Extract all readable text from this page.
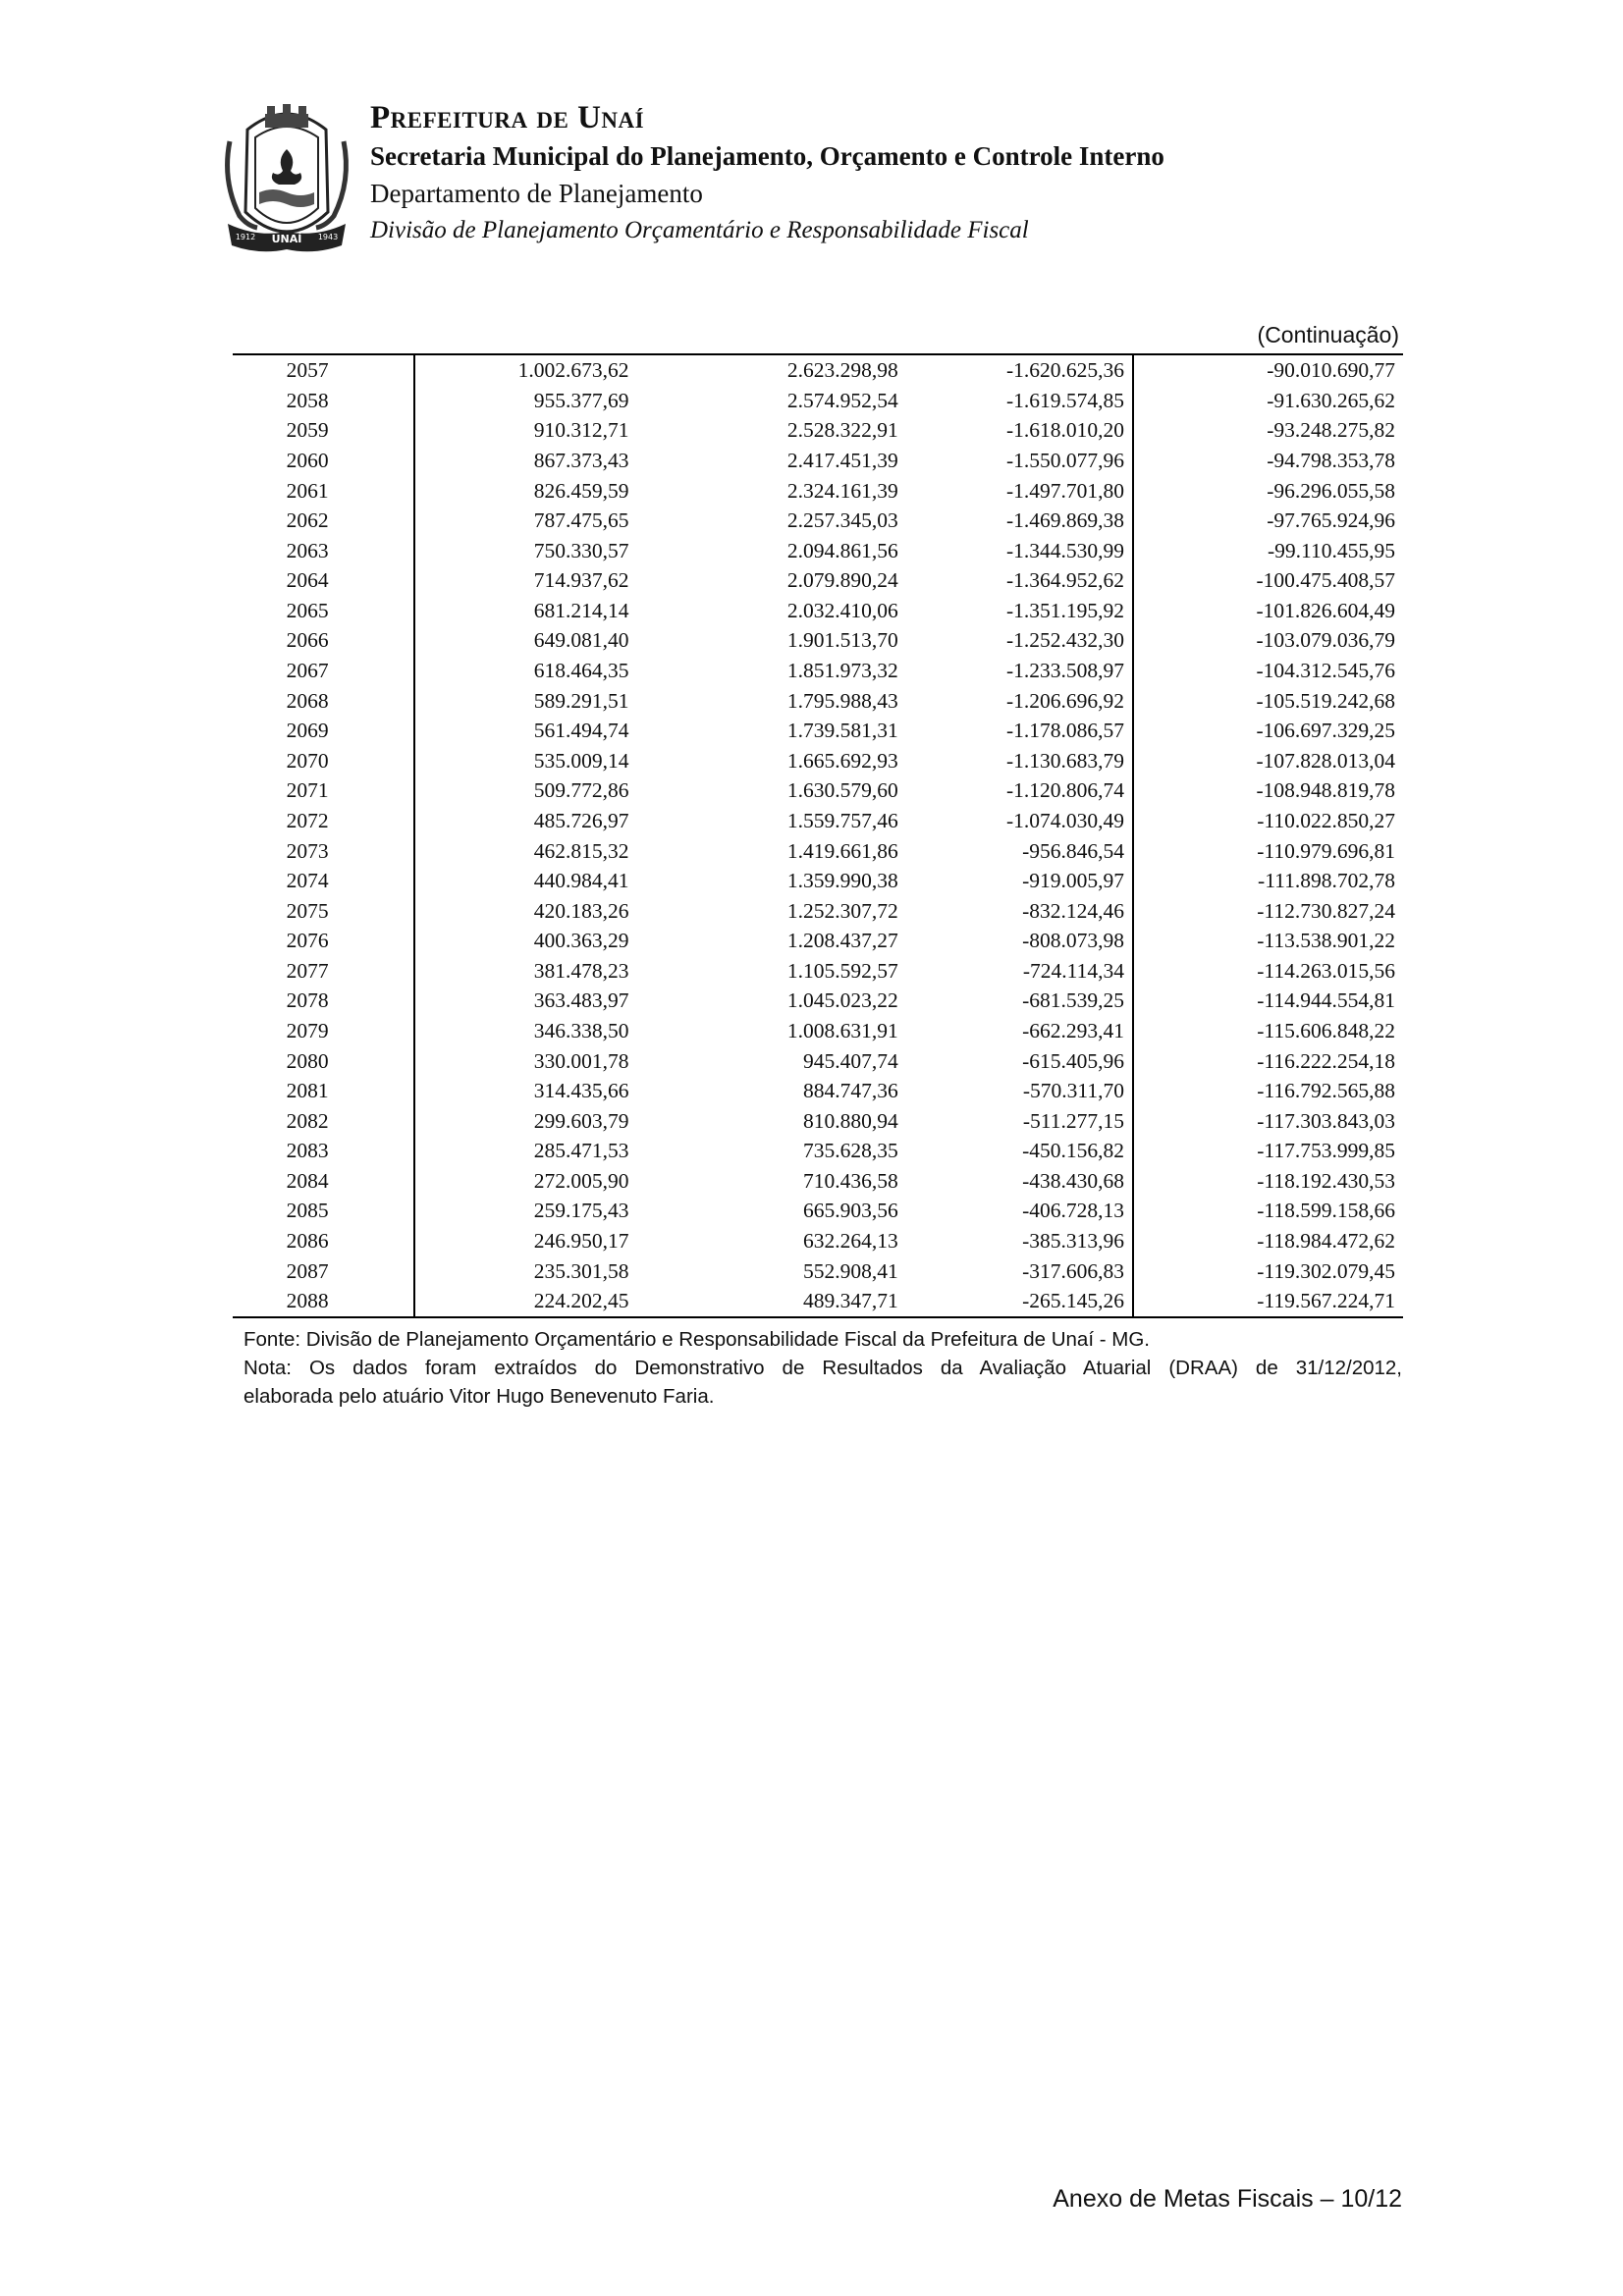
UNAÍ
1912	1943
Prefeitura de Unaí
Secretaria Municipal do Planejamento, Orçamento e Controle Interno
Departamento de Planejamento
Divisão de Planejamento Orçamentário e Responsabilidade Fiscal
(Continuação)
2057	1.002.673,62	2.623.298,98	-1.620.625,36	-90.010.690,77
2058	955.377,69	2.574.952,54	-1.619.574,85	-91.630.265,62
2059	910.312,71	2.528.322,91	-1.618.010,20	-93.248.275,82
2060	867.373,43	2.417.451,39	-1.550.077,96	-94.798.353,78
2061	826.459,59	2.324.161,39	-1.497.701,80	-96.296.055,58
2062	787.475,65	2.257.345,03	-1.469.869,38	-97.765.924,96
2063	750.330,57	2.094.861,56	-1.344.530,99	-99.110.455,95
2064	714.937,62	2.079.890,24	-1.364.952,62	-100.475.408,57
2065	681.214,14	2.032.410,06	-1.351.195,92	-101.826.604,49
2066	649.081,40	1.901.513,70	-1.252.432,30	-103.079.036,79
2067	618.464,35	1.851.973,32	-1.233.508,97	-104.312.545,76
2068	589.291,51	1.795.988,43	-1.206.696,92	-105.519.242,68
2069	561.494,74	1.739.581,31	-1.178.086,57	-106.697.329,25
2070	535.009,14	1.665.692,93	-1.130.683,79	-107.828.013,04
2071	509.772,86	1.630.579,60	-1.120.806,74	-108.948.819,78
2072	485.726,97	1.559.757,46	-1.074.030,49	-110.022.850,27
2073	462.815,32	1.419.661,86	-956.846,54	-110.979.696,81
2074	440.984,41	1.359.990,38	-919.005,97	-111.898.702,78
2075	420.183,26	1.252.307,72	-832.124,46	-112.730.827,24
2076	400.363,29	1.208.437,27	-808.073,98	-113.538.901,22
2077	381.478,23	1.105.592,57	-724.114,34	-114.263.015,56
2078	363.483,97	1.045.023,22	-681.539,25	-114.944.554,81
2079	346.338,50	1.008.631,91	-662.293,41	-115.606.848,22
2080	330.001,78	945.407,74	-615.405,96	-116.222.254,18
2081	314.435,66	884.747,36	-570.311,70	-116.792.565,88
2082	299.603,79	810.880,94	-511.277,15	-117.303.843,03
2083	285.471,53	735.628,35	-450.156,82	-117.753.999,85
2084	272.005,90	710.436,58	-438.430,68	-118.192.430,53
2085	259.175,43	665.903,56	-406.728,13	-118.599.158,66
2086	246.950,17	632.264,13	-385.313,96	-118.984.472,62
2087	235.301,58	552.908,41	-317.606,83	-119.302.079,45
2088	224.202,45	489.347,71	-265.145,26	-119.567.224,71

Fonte: Divisão de Planejamento Orçamentário e Responsabilidade Fiscal da Prefeitura de Unaí - MG.

Nota: Os dados foram extraídos do Demonstrativo de Resultados da Avaliação Atuarial (DRAA) de 31/12/2012,

elaborada pelo atuário Vitor Hugo Benevenuto Faria.

Anexo de Metas Fiscais – 10/12
